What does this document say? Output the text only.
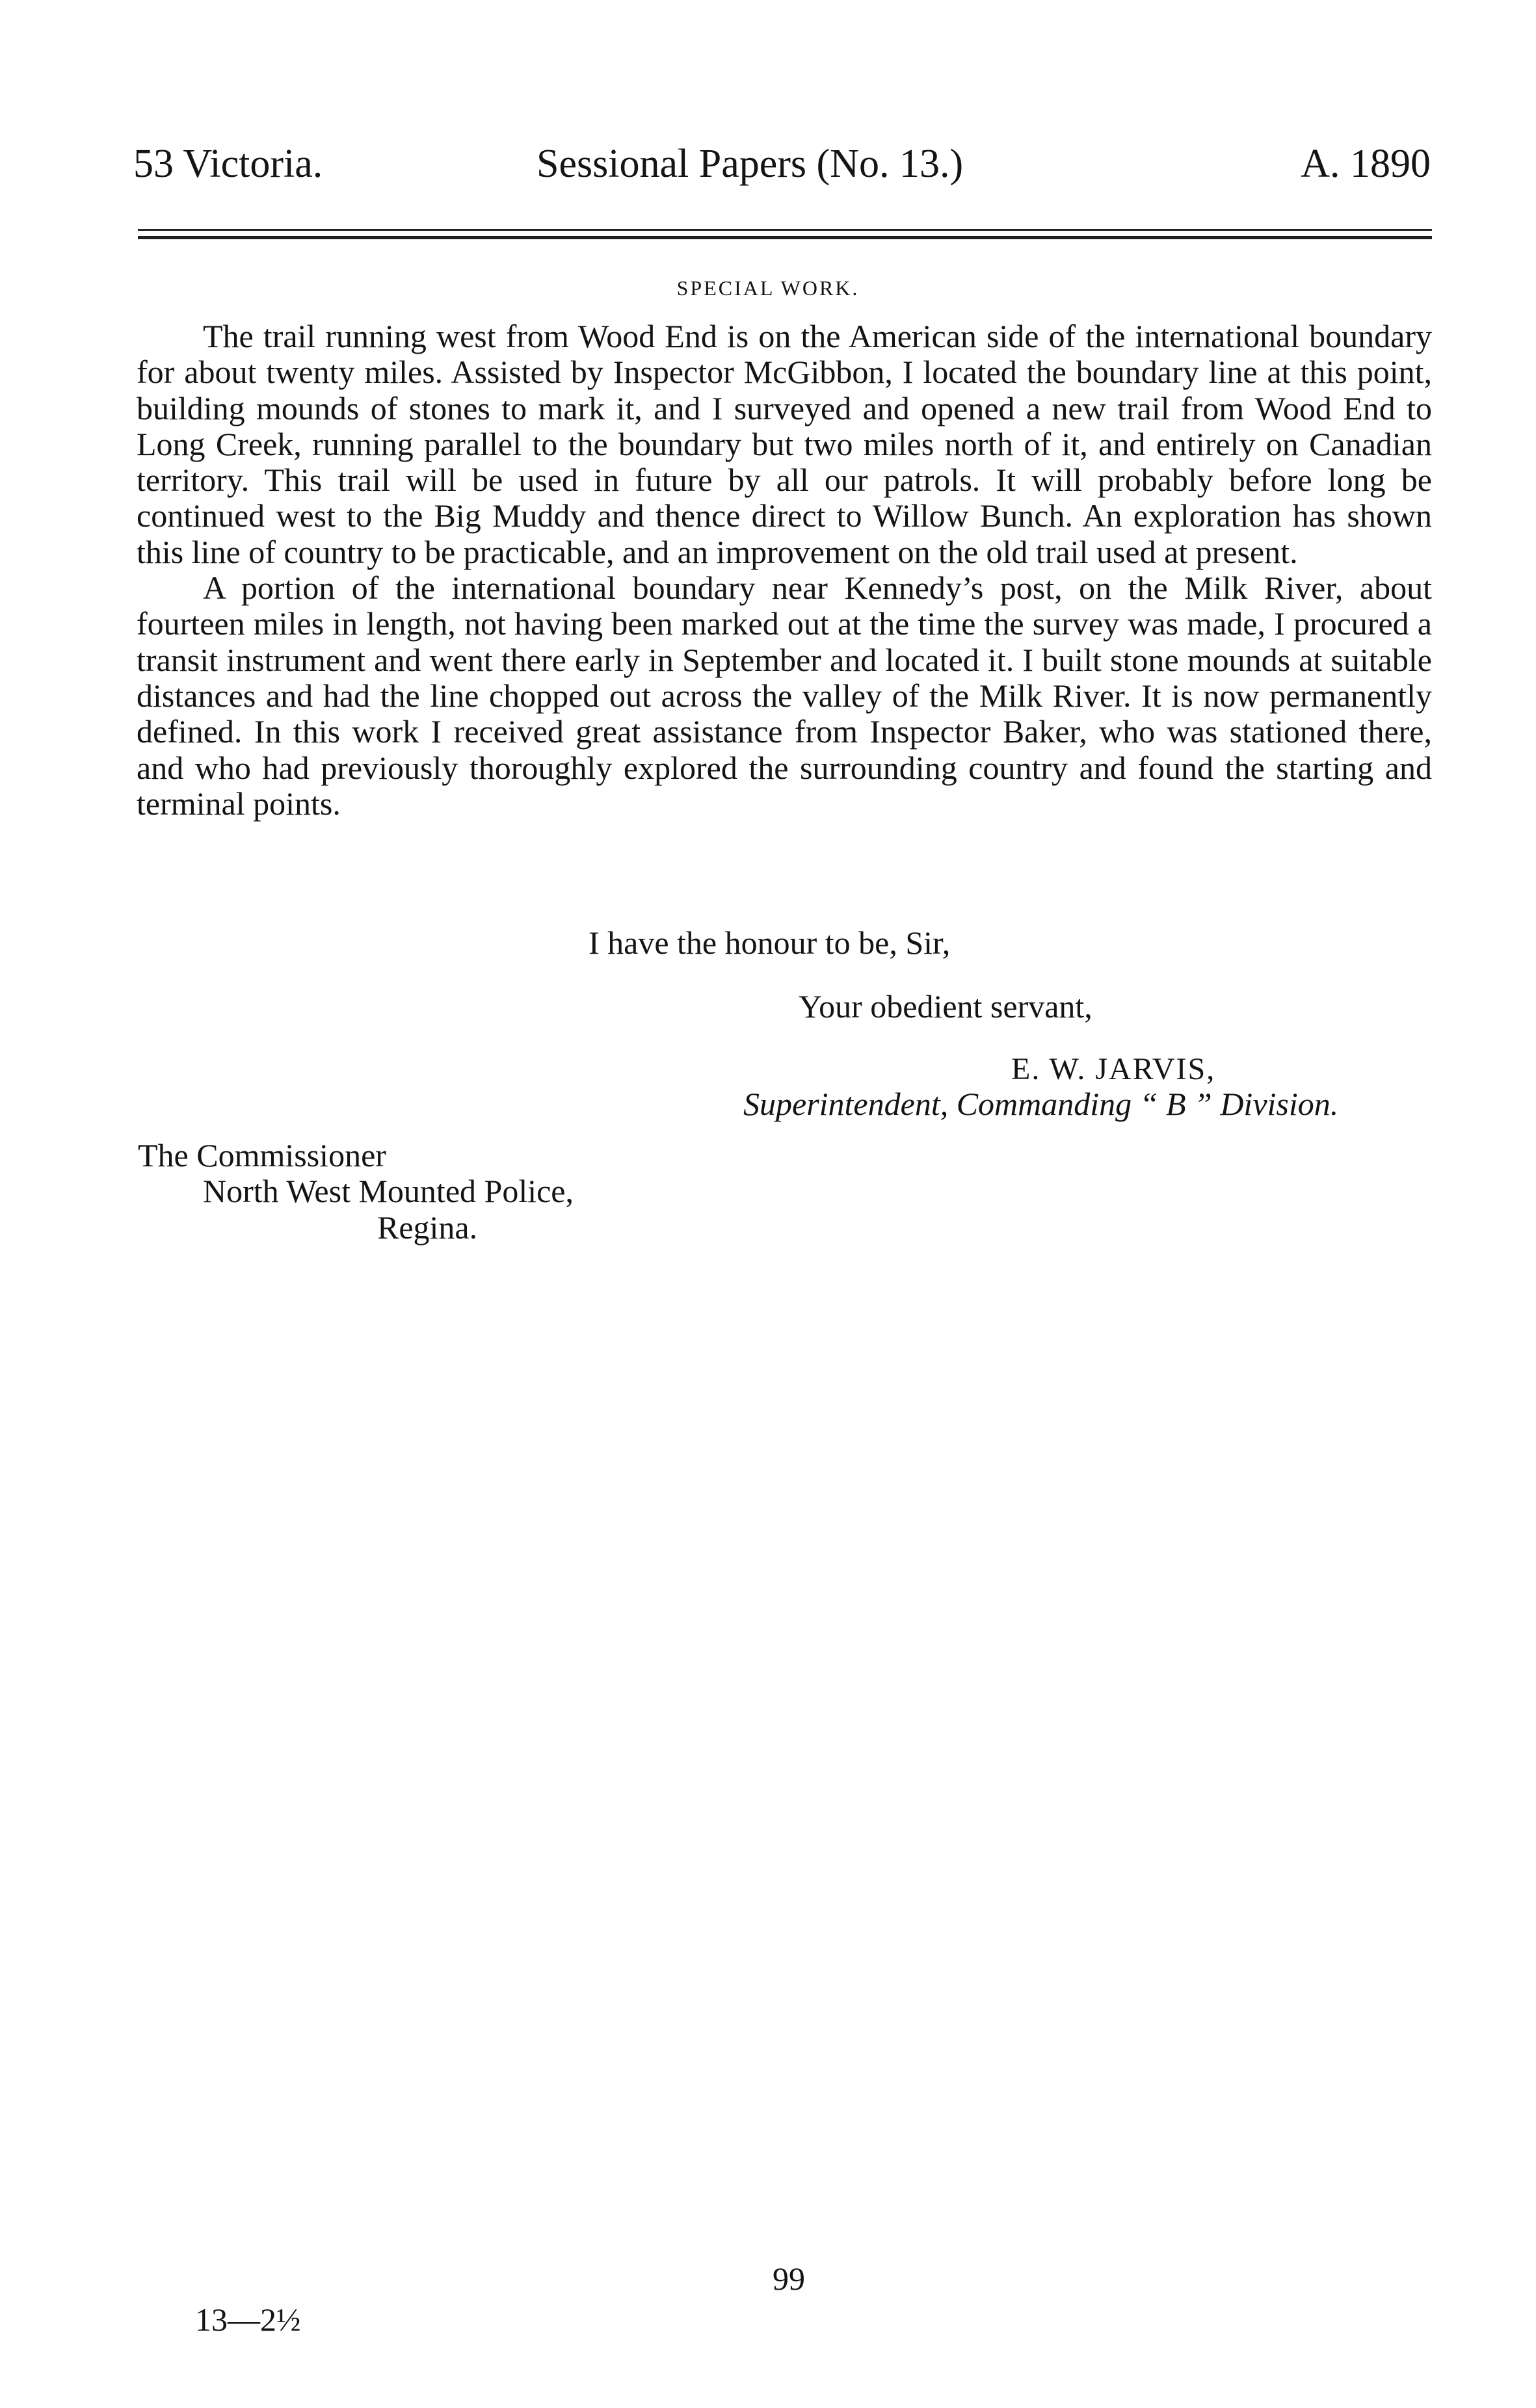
53 Victoria.	Sessional Papers (No. 13.)	A. 1890
SPECIAL WORK.

The trail running west from Wood End is on the American side of the international boundary for about twenty miles. Assisted by Inspector McGibbon, I located the boundary line at this point, building mounds of stones to mark it, and I surveyed and opened a new trail from Wood End to Long Creek, running parallel to the boundary but two miles north of it, and entirely on Canadian territory. This trail will be used in future by all our patrols. It will probably before long be continued west to the Big Muddy and thence direct to Willow Bunch. An exploration has shown this line of country to be practicable, and an improvement on the old trail used at present.

A portion of the international boundary near Kennedy’s post, on the Milk River, about fourteen miles in length, not having been marked out at the time the survey was made, I procured a transit instrument and went there early in September and located it. I built stone mounds at suitable distances and had the line chopped out across the valley of the Milk River. It is now permanently defined. In this work I received great assistance from Inspector Baker, who was stationed there, and who had previously thoroughly explored the surrounding country and found the starting and terminal points.

I have the honour to be, Sir,
Your obedient servant,
E. W. JARVIS,
Superintendent, Commanding “ B ” Division.
The Commissioner
North West Mounted Police,
Regina.
99
13—2½
